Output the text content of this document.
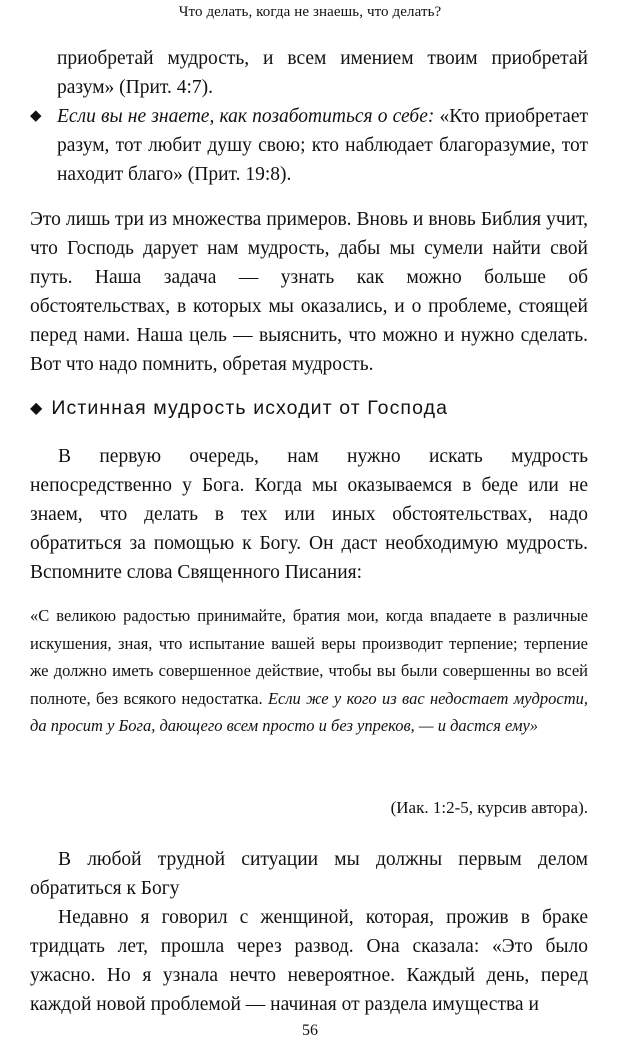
Что делать, когда не знаешь, что делать?
приобретай мудрость, и всем имением твоим приобретай разум» (Прит. 4:7).
◆ Если вы не знаете, как позаботиться о себе: «Кто приобретает разум, тот любит душу свою; кто наблюдает благоразумие, тот находит благо» (Прит. 19:8).
Это лишь три из множества примеров. Вновь и вновь Библия учит, что Господь дарует нам мудрость, дабы мы сумели найти свой путь. Наша задача — узнать как можно больше об обстоятельствах, в которых мы оказались, и о проблеме, стоящей перед нами. Наша цель — выяснить, что можно и нужно сделать. Вот что надо помнить, обретая мудрость.
◆ Истинная мудрость исходит от Господа
В первую очередь, нам нужно искать мудрость непосредственно у Бога. Когда мы оказываемся в беде или не знаем, что делать в тех или иных обстоятельствах, надо обратиться за помощью к Богу. Он даст необходимую мудрость. Вспомните слова Священного Писания:
«С великою радостью принимайте, братия мои, когда впадаете в различные искушения, зная, что испытание вашей веры производит терпение; терпение же должно иметь совершенное действие, чтобы вы были совершенны во всей полноте, без всякого недостатка. Если же у кого из вас недостает мудрости, да просит у Бога, дающего всем просто и без упреков, — и дастся ему»
(Иак. 1:2-5, курсив автора).
В любой трудной ситуации мы должны первым делом обратиться к Богу
Недавно я говорил с женщиной, которая, прожив в браке тридцать лет, прошла через развод. Она сказала: «Это было ужасно. Но я узнала нечто невероятное. Каждый день, перед каждой новой проблемой — начиная от раздела имущества и
56
